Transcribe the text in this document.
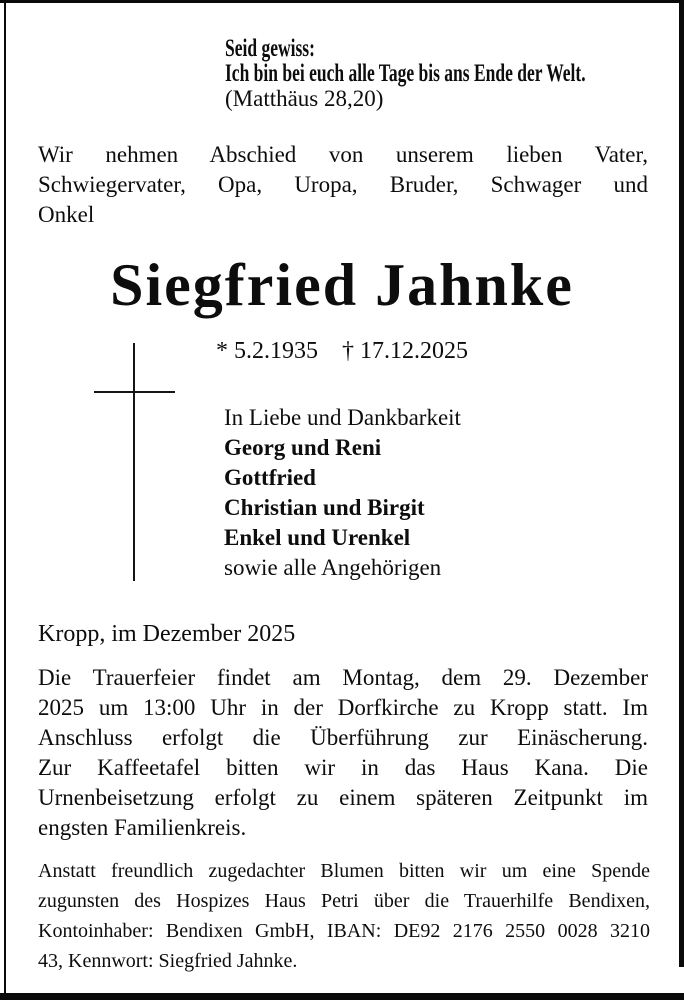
Seid gewiss:
Ich bin bei euch alle Tage bis ans Ende der Welt.
(Matthäus 28,20)
Wir nehmen Abschied von unserem lieben Vater,
Schwiegervater, Opa, Uropa, Bruder, Schwager und
Onkel
Siegfried Jahnke
* 5.2.1935 † 17.12.2025
In Liebe und Dankbarkeit
Georg und Reni
Gottfried
Christian und Birgit
Enkel und Urenkel
sowie alle Angehörigen
Kropp, im Dezember 2025
Die Trauerfeier findet am Montag, dem 29. Dezember
2025 um 13:00 Uhr in der Dorfkirche zu Kropp statt. Im
Anschluss erfolgt die Überführung zur Einäscherung.
Zur Kaffeetafel bitten wir in das Haus Kana. Die
Urnenbeisetzung erfolgt zu einem späteren Zeitpunkt im
engsten Familienkreis.
Anstatt freundlich zugedachter Blumen bitten wir um eine Spende
zugunsten des Hospizes Haus Petri über die Trauerhilfe Bendixen,
Kontoinhaber: Bendixen GmbH, IBAN: DE92 2176 2550 0028 3210
43, Kennwort: Siegfried Jahnke.
